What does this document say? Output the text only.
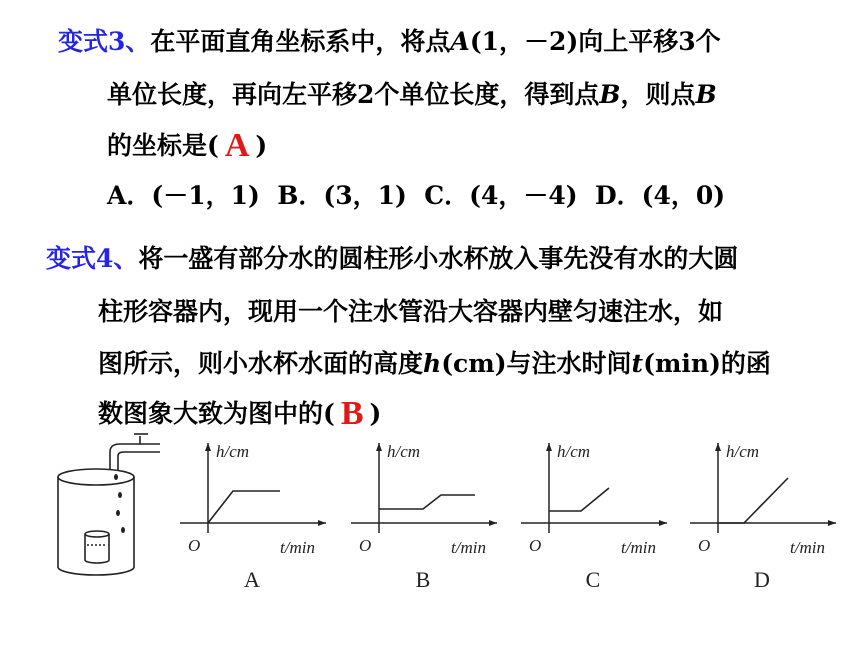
变式3、在平面直角坐标系中，将点A(1，－2)向上平移3个
单位长度，再向左平移2个单位长度，得到点B，则点B
的坐标是( A )
A．(－1，1)  B．(3，1)  C．(4，－4)  D．(4，0)
变式4、将一盛有部分水的圆柱形小水杯放入事先没有水的大圆
柱形容器内，现用一个注水管沿大容器内壁匀速注水，如
图所示，则小水杯水面的高度h(cm)与注水时间t(min)的函
数图象大致为图中的( B )
h/cm
t/min
O
A
h/cm
t/min
O
B
h/cm
t/min
O
C
h/cm
t/min
O
D
